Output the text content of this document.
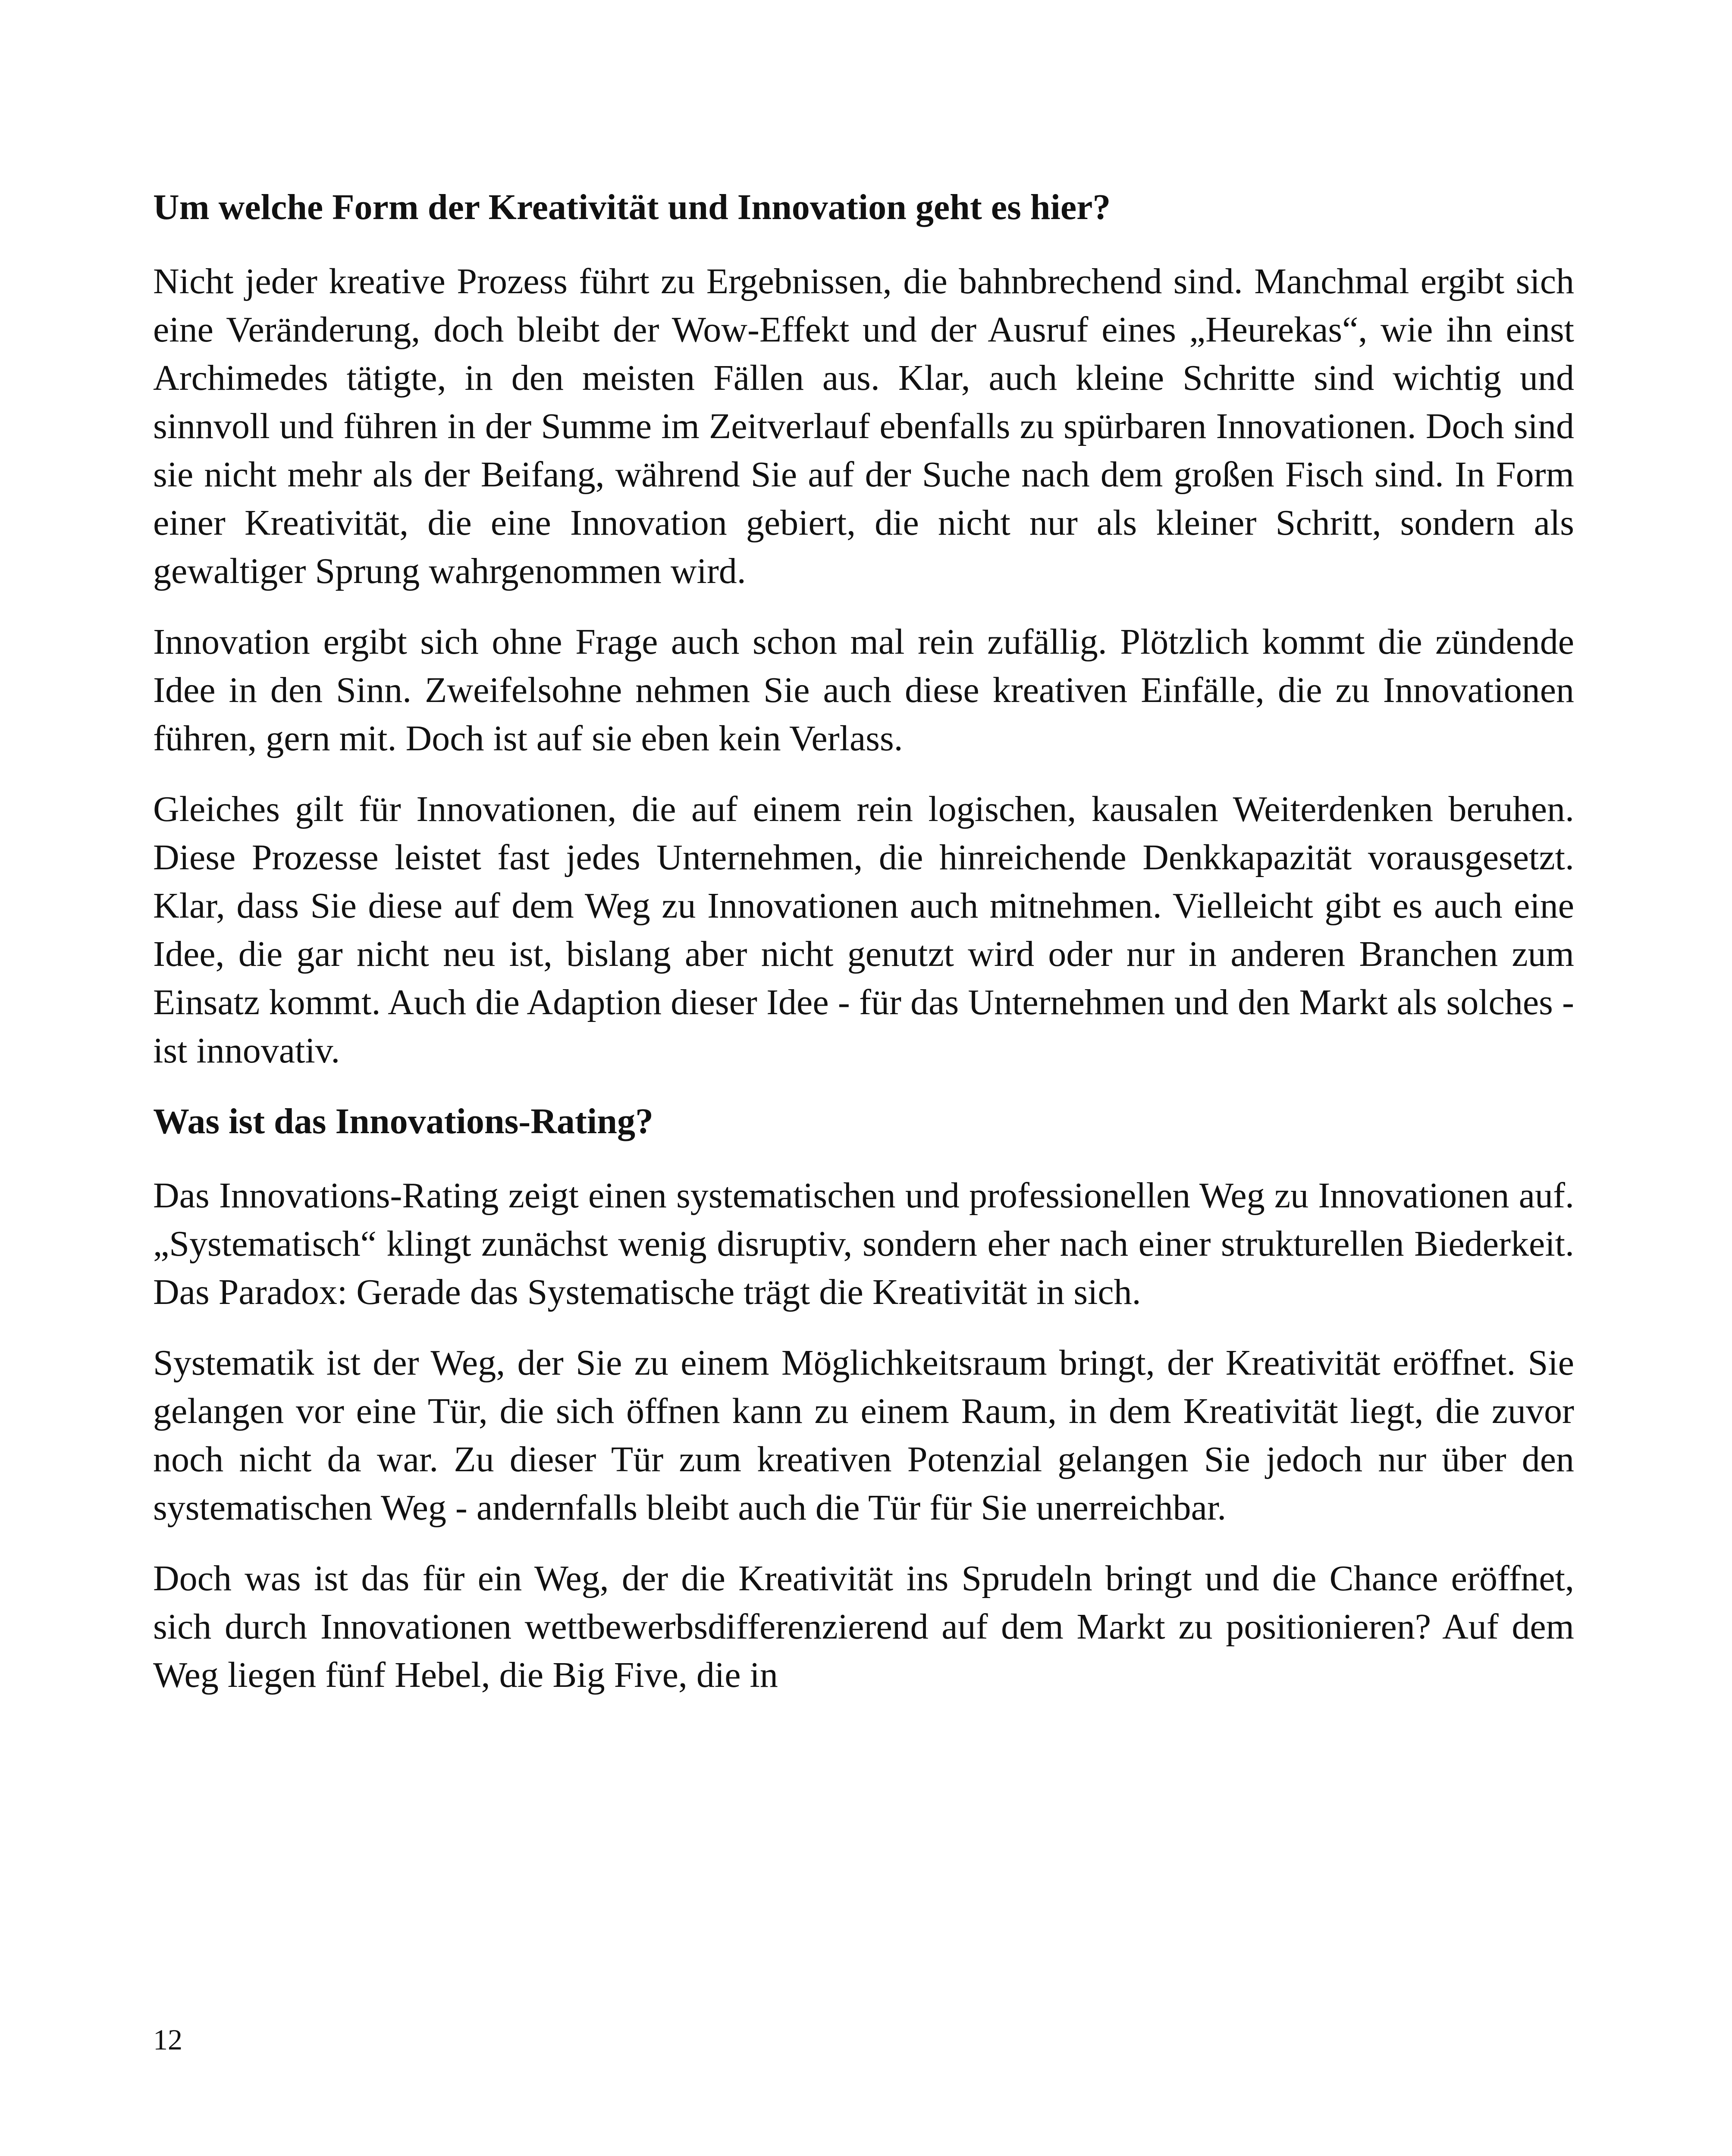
Um welche Form der Kreativität und Innovation geht es hier?

Nicht jeder kreative Prozess führt zu Ergebnissen, die bahnbrechend sind. Manchmal ergibt sich eine Veränderung, doch bleibt der Wow-Effekt und der Ausruf eines „Heurekas“, wie ihn einst Archimedes tätigte, in den meisten Fällen aus. Klar, auch kleine Schritte sind wichtig und sinnvoll und führen in der Summe im Zeitverlauf ebenfalls zu spürbaren Innovationen. Doch sind sie nicht mehr als der Beifang, während Sie auf der Suche nach dem großen Fisch sind. In Form einer Kreativität, die eine Innovation gebiert, die nicht nur als kleiner Schritt, sondern als gewaltiger Sprung wahrgenommen wird.

Innovation ergibt sich ohne Frage auch schon mal rein zufällig. Plötzlich kommt die zündende Idee in den Sinn. Zweifelsohne nehmen Sie auch diese kreativen Einfälle, die zu Innovationen führen, gern mit. Doch ist auf sie eben kein Verlass.

Gleiches gilt für Innovationen, die auf einem rein logischen, kausalen Weiterdenken beruhen. Diese Prozesse leistet fast jedes Unternehmen, die hinreichende Denkkapazität vorausgesetzt. Klar, dass Sie diese auf dem Weg zu Innovationen auch mitnehmen. Vielleicht gibt es auch eine Idee, die gar nicht neu ist, bislang aber nicht genutzt wird oder nur in anderen Branchen zum Einsatz kommt. Auch die Adaption dieser Idee - für das Unternehmen und den Markt als solches - ist innovativ.

Was ist das Innovations-Rating?

Das Innovations-Rating zeigt einen systematischen und professionellen Weg zu Innovationen auf. „Systematisch“ klingt zunächst wenig disruptiv, sondern eher nach einer strukturellen Biederkeit. Das Paradox: Gerade das Systematische trägt die Kreativität in sich.

Systematik ist der Weg, der Sie zu einem Möglichkeitsraum bringt, der Kreativität eröffnet. Sie gelangen vor eine Tür, die sich öffnen kann zu einem Raum, in dem Kreativität liegt, die zuvor noch nicht da war. Zu dieser Tür zum kreativen Potenzial gelangen Sie jedoch nur über den systematischen Weg - andernfalls bleibt auch die Tür für Sie unerreichbar.

Doch was ist das für ein Weg, der die Kreativität ins Sprudeln bringt und die Chance eröffnet, sich durch Innovationen wettbewerbsdifferenzierend auf dem Markt zu positionieren? Auf dem Weg liegen fünf Hebel, die Big Five, die in

12
